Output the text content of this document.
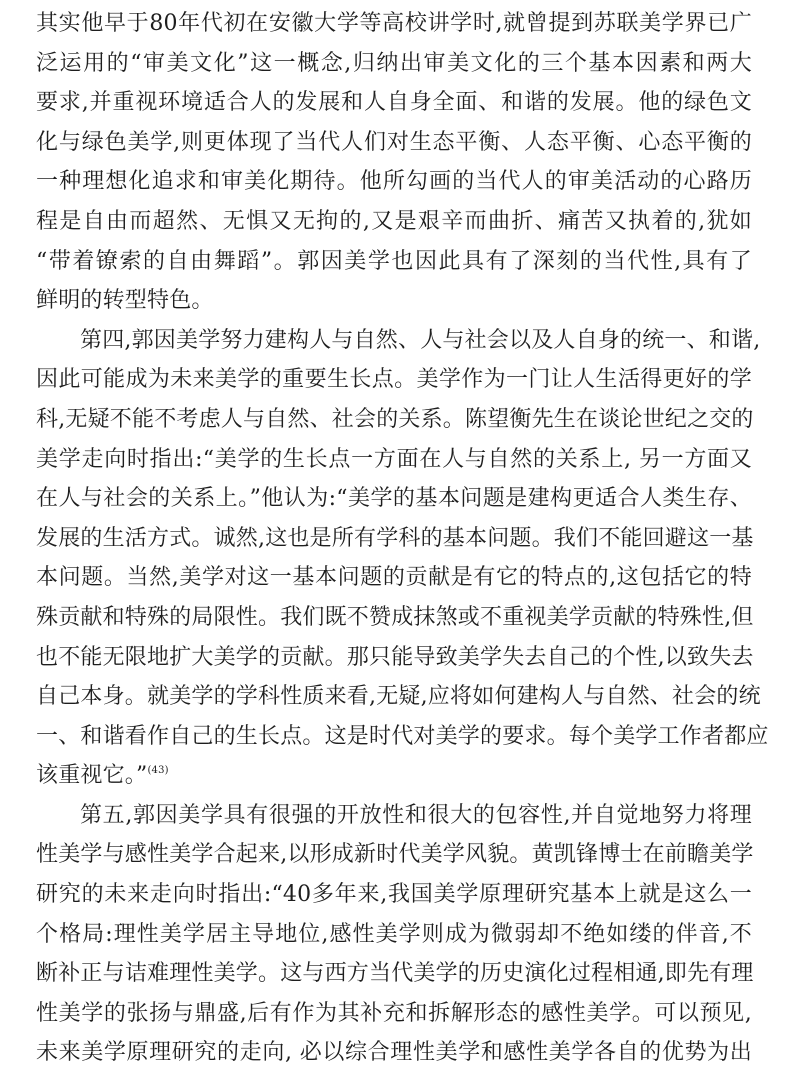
其实他早于80年代初在安徽大学等高校讲学时,就曾提到苏联美学界已广
泛运用的“审美文化”这一概念,归纳出审美文化的三个基本因素和两大
要求,并重视环境适合人的发展和人自身全面、和谐的发展。他的绿色文
化与绿色美学,则更体现了当代人们对生态平衡、人态平衡、心态平衡的
一种理想化追求和审美化期待。他所勾画的当代人的审美活动的心路历
程是自由而超然、无惧又无拘的,又是艰辛而曲折、痛苦又执着的,犹如
“带着镣索的自由舞蹈”。郭因美学也因此具有了深刻的当代性,具有了
鲜明的转型特色。
第四,郭因美学努力建构人与自然、人与社会以及人自身的统一、和谐,
因此可能成为未来美学的重要生长点。美学作为一门让人生活得更好的学
科,无疑不能不考虑人与自然、社会的关系。陈望衡先生在谈论世纪之交的
美学走向时指出:“美学的生长点一方面在人与自然的关系上, 另一方面又
在人与社会的关系上。”他认为:“美学的基本问题是建构更适合人类生存、
发展的生活方式。诚然,这也是所有学科的基本问题。我们不能回避这一基
本问题。当然,美学对这一基本问题的贡献是有它的特点的,这包括它的特
殊贡献和特殊的局限性。我们既不赞成抹煞或不重视美学贡献的特殊性,但
也不能无限地扩大美学的贡献。那只能导致美学失去自己的个性,以致失去
自己本身。就美学的学科性质来看,无疑,应将如何建构人与自然、社会的统
一、和谐看作自己的生长点。这是时代对美学的要求。每个美学工作者都应
该重视它。”$^{(43)}$
第五,郭因美学具有很强的开放性和很大的包容性,并自觉地努力将理
性美学与感性美学合起来,以形成新时代美学风貌。黄凯锋博士在前瞻美学
研究的未来走向时指出:“40多年来,我国美学原理研究基本上就是这么一
个格局:理性美学居主导地位,感性美学则成为微弱却不绝如缕的伴音,不
断补正与诘难理性美学。这与西方当代美学的历史演化过程相通,即先有理
性美学的张扬与鼎盛,后有作为其补充和拆解形态的感性美学。可以预见,
未来美学原理研究的走向, 必以综合理性美学和感性美学各自的优势为出
